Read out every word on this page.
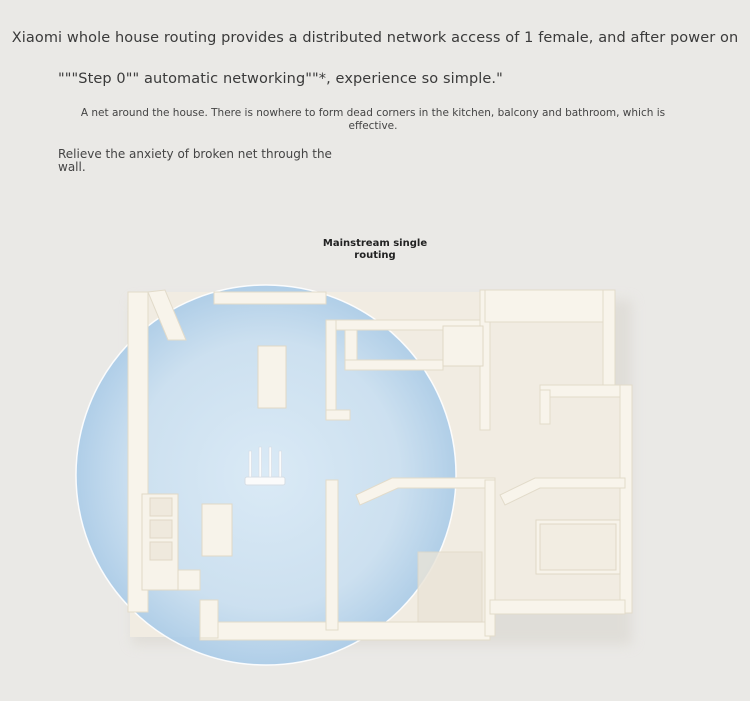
Xiaomi whole house routing provides a distributed network access of 1 female, and after power on
"""Step 0"" automatic networking""*, experience so simple."
A net around the house. There is nowhere to form dead corners in the kitchen, balcony and bathroom, which is effective.
Relieve the anxiety of broken net through the wall.
Mainstream single routing
